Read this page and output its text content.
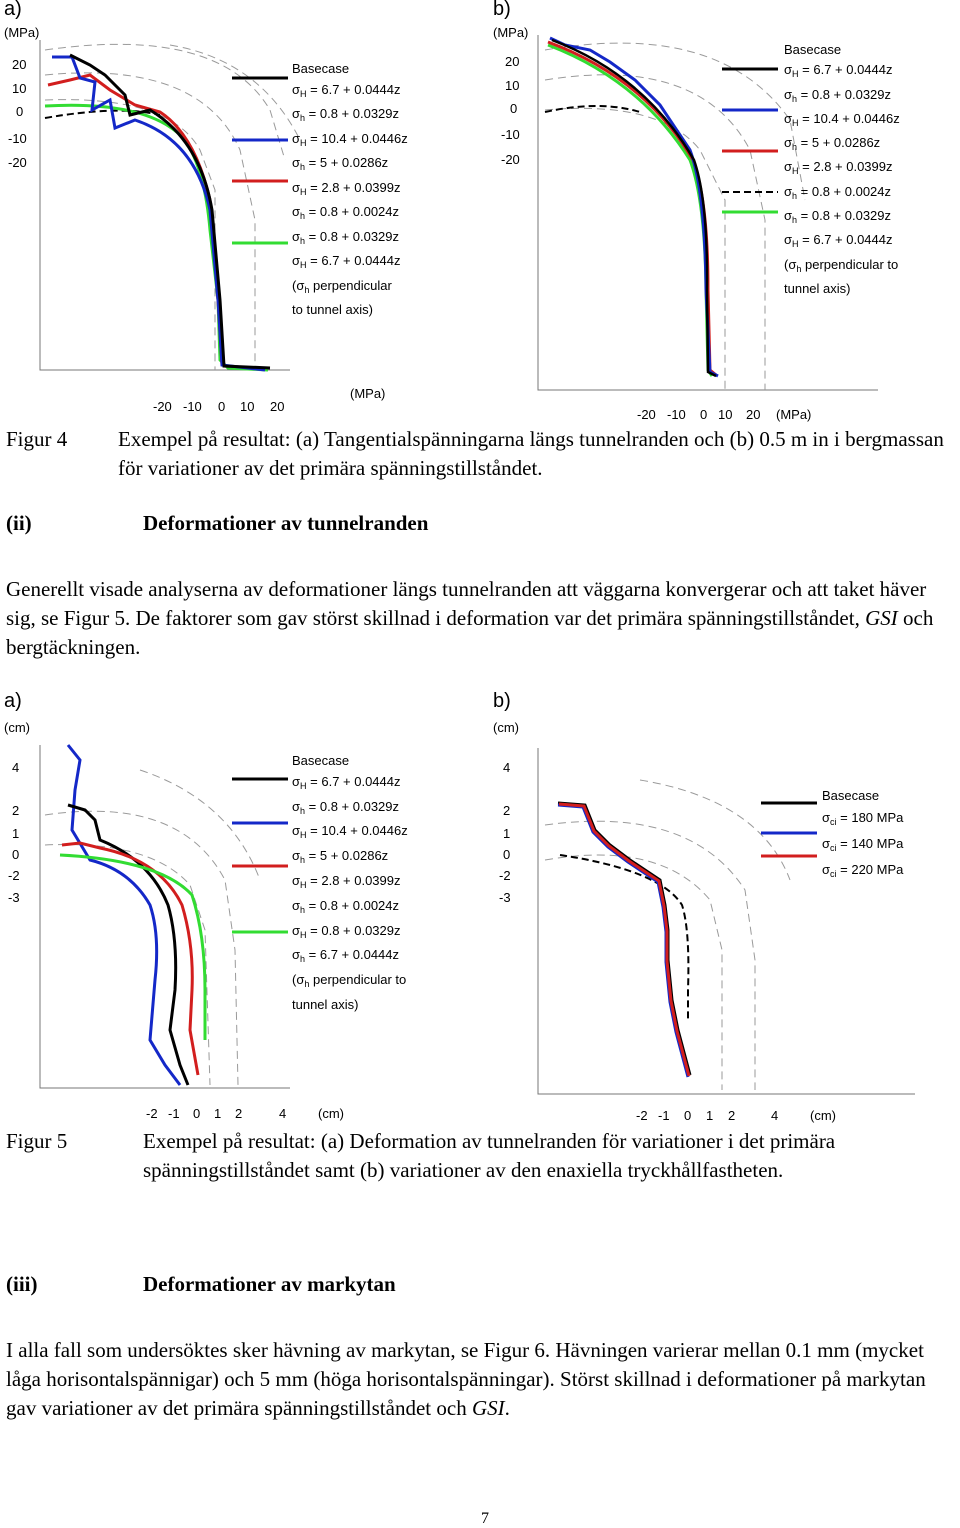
a)
(MPa)
20
10
0
-10
-20
Basecase
$\sigma_H = 6.7 + 0.0444z$
$\sigma_h = 0.8 + 0.0329z$
$\sigma_H = 10.4 + 0.0446z$
$\sigma_h = 5 + 0.0286z$
$\sigma_H = 2.8 + 0.0399z$
$\sigma_h = 0.8 + 0.0024z$
$\sigma_h = 0.8 + 0.0329z$
$\sigma_H = 6.7 + 0.0444z$
($\sigma_h$ perpendicular
to tunnel axis)
-20 -10 0 10 20
(MPa)
b)
(MPa)
20
10
0
-10
-20
Basecase
$\sigma_H = 6.7 + 0.0444z$
$\sigma_h = 0.8 + 0.0329z$
$\sigma_H = 10.4 + 0.0446z$
$\sigma_h = 5 + 0.0286z$
$\sigma_H = 2.8 + 0.0399z$
$\sigma_h = 0.8 + 0.0024z$
$\sigma_h = 0.8 + 0.0329z$
$\sigma_H = 6.7 + 0.0444z$
($\sigma_h$ perpendicular to
tunnel axis)
-20 -10 0 10 20 (MPa)
Figur 4 Exempel på resultat: (a) Tangentialspänningarna längs tunnelranden och (b) 0.5 m in i bergmassan för variationer av det primära spänningstillståndet.
(ii)	Deformationer av tunnelranden
Generellt visade analyserna av deformationer längs tunnelranden att väggarna konvergerar och att taket häver sig, se Figur 5. De faktorer som gav störst skillnad i deformation var det primära spänningstillståndet, GSI och bergtäckningen.
a)
(cm)
4
2
1
0
-2
-3
Basecase
$\sigma_H = 6.7 + 0.0444z$
$\sigma_h = 0.8 + 0.0329z$
$\sigma_H = 10.4 + 0.0446z$
$\sigma_h = 5 + 0.0286z$
$\sigma_H = 2.8 + 0.0399z$
$\sigma_h = 0.8 + 0.0024z$
$\sigma_H = 0.8 + 0.0329z$
$\sigma_h = 6.7 + 0.0444z$
($\sigma_h$ perpendicular to
tunnel axis)
-2 -1 0 1 2	4 (cm)
b)
(cm)
4
2
1
0
-2
-3
Basecase
$\sigma_{ci} = 180$ MPa
$\sigma_{ci} = 140$ MPa
$\sigma_{ci} = 220$ MPa
-2 -1 0 1 2	4 (cm)
Figur 5	Exempel på resultat: (a) Deformation av tunnelranden för variationer i det primära spänningstillståndet samt (b) variationer av den enaxiella tryckhållfastheten.
(iii)	Deformationer av markytan
I alla fall som undersöktes sker hävning av markytan, se Figur 6. Hävningen varierar mellan 0.1 mm (mycket låga horisontalspännigar) och 5 mm (höga horisontalspänningar). Störst skillnad i deformationer på markytan gav variationer av det primära spänningstillståndet och GSI.
7
